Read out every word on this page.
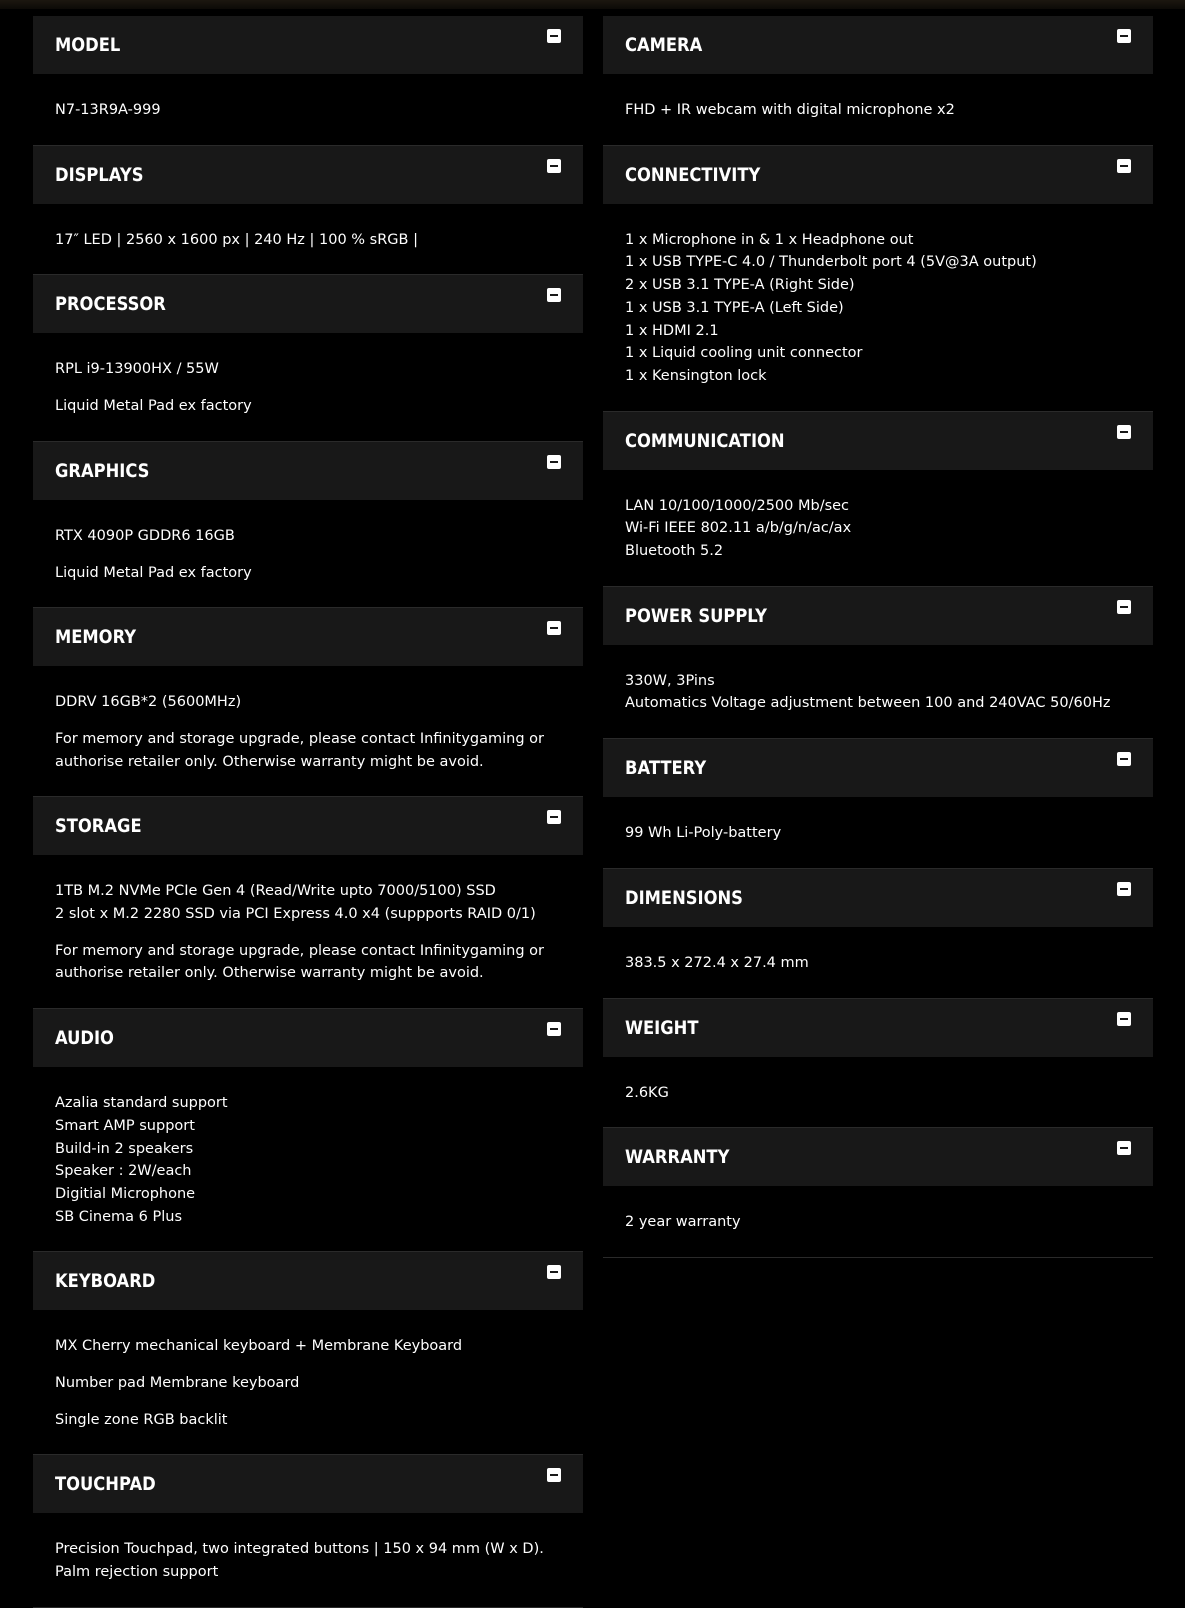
MODEL

N7-13R9A-999

DISPLAYS

17″ LED | 2560 x 1600 px | 240 Hz | 100 % sRGB |

PROCESSOR

RPL i9-13900HX / 55W

Liquid Metal Pad ex factory

GRAPHICS

RTX 4090P GDDR6 16GB

Liquid Metal Pad ex factory

MEMORY

DDRV 16GB*2 (5600MHz)

For memory and storage upgrade, please contact Infinitygaming or
authorise retailer only. Otherwise warranty might be avoid.

STORAGE

1TB M.2 NVMe PCIe Gen 4 (Read/Write upto 7000/5100) SSD
2 slot x M.2 2280 SSD via PCI Express 4.0 x4 (suppports RAID 0/1)

For memory and storage upgrade, please contact Infinitygaming or
authorise retailer only. Otherwise warranty might be avoid.

AUDIO

Azalia standard support
Smart AMP support
Build-in 2 speakers
Speaker : 2W/each
Digitial Microphone
SB Cinema 6 Plus

KEYBOARD

MX Cherry mechanical keyboard + Membrane Keyboard

Number pad Membrane keyboard

Single zone RGB backlit

TOUCHPAD

Precision Touchpad, two integrated buttons | 150 x 94 mm (W x D).
Palm rejection support

CAMERA

FHD + IR webcam with digital microphone x2

CONNECTIVITY

1 x Microphone in & 1 x Headphone out
1 x USB TYPE-C 4.0 / Thunderbolt port 4 (5V@3A output)
2 x USB 3.1 TYPE-A (Right Side)
1 x USB 3.1 TYPE-A (Left Side)
1 x HDMI 2.1
1 x Liquid cooling unit connector
1 x Kensington lock

COMMUNICATION

LAN 10/100/1000/2500 Mb/sec
Wi-Fi IEEE 802.11 a/b/g/n/ac/ax
Bluetooth 5.2

POWER SUPPLY

330W, 3Pins
Automatics Voltage adjustment between 100 and 240VAC 50/60Hz

BATTERY

99 Wh Li-Poly-battery

DIMENSIONS

383.5 x 272.4 x 27.4 mm

WEIGHT

2.6KG

WARRANTY

2 year warranty
